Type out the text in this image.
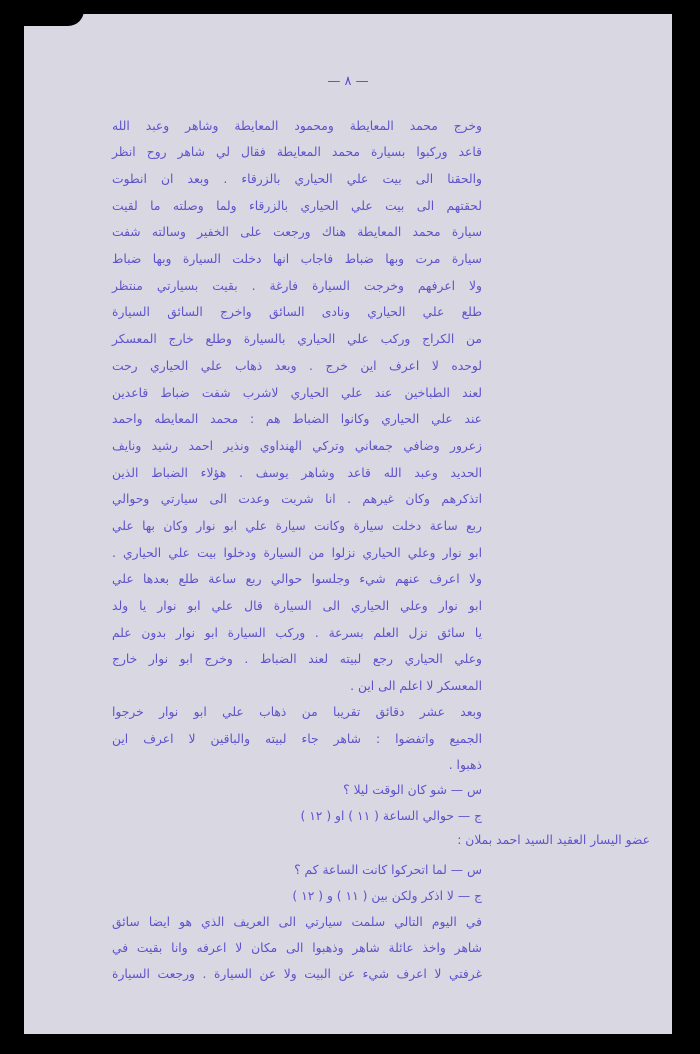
— ٨ —
وخرج محمد المعايطة ومحمود المعايطة وشاهر وعبد الله
قاعد وركبوا بسيارة محمد المعايطة فقال لي شاهر روح انظر
والحقنا الى بيت علي الحياري بالزرقاء . وبعد ان انطوت
لحقتهم الى بيت علي الحياري بالزرقاء ولما وصلته ما لقيت
سيارة محمد المعايطة هناك ورجعت على الخفير وسالته شفت
سيارة مرت وبها ضباط فاجاب انها دخلت السيارة وبها ضباط
ولا اعرفهم وخرجت السيارة فارغة . بقيت بسيارتي منتظر
طلع علي الحياري ونادى السائق واخرج السائق السيارة
من الكراج وركب علي الحياري بالسيارة وطلع خارج المعسكر
لوحده لا اعرف اين خرج . وبعد ذهاب علي الحياري رحت
لعند الطباخين عند علي الحياري لاشرب شفت ضباط قاعدين
عند علي الحياري وكانوا الضباط هم : محمد المعايطه واحمد
زعرور وضافي جمعاني وتركي الهنداوي ونذير احمد رشيد ونايف
الحديد وعبد الله قاعد وشاهر يوسف . هؤلاء الضباط الذين
اتذكرهم وكان غيرهم . انا شربت وعدت الى سيارتي وحوالي
ربع ساعة دخلت سيارة وكانت سيارة علي ابو نوار وكان بها علي
ابو نوار وعلي الحياري نزلوا من السيارة ودخلوا بيت علي الحياري .
ولا اعرف عنهم شيء وجلسوا حوالي ربع ساعة طلع بعدها علي
ابو نوار وعلي الحياري الى السيارة قال علي ابو نوار يا ولد
يا سائق نزل العلم بسرعة . وركب السيارة ابو نوار بدون علم
وعلي الحياري رجع لبيته لعند الضباط . وخرج ابو نوار خارج
المعسكر لا اعلم الى اين .
وبعد عشر دقائق تقريبا من ذهاب علي ابو نوار خرجوا
الجميع واتفضوا : شاهر جاء لبيته والباقين لا اعرف اين
ذهبوا .
س — شو كان الوقت ليلا ؟
ج — حوالي الساعة ( ١١ ) او ( ١٢ )
عضو اليسار العقيد السيد احمد بملان :
س — لما اتحركوا كانت الساعة كم ؟
ج — لا اذكر ولكن بين ( ١١ ) و ( ١٢ )
في اليوم التالي سلمت سيارتي الى العريف الذي هو ايضا سائق
شاهر واخذ عائلة شاهر وذهبوا الى مكان لا اعرفه وانا بقيت في
غرفتي لا اعرف شيء عن البيت ولا عن السيارة . ورجعت السيارة
